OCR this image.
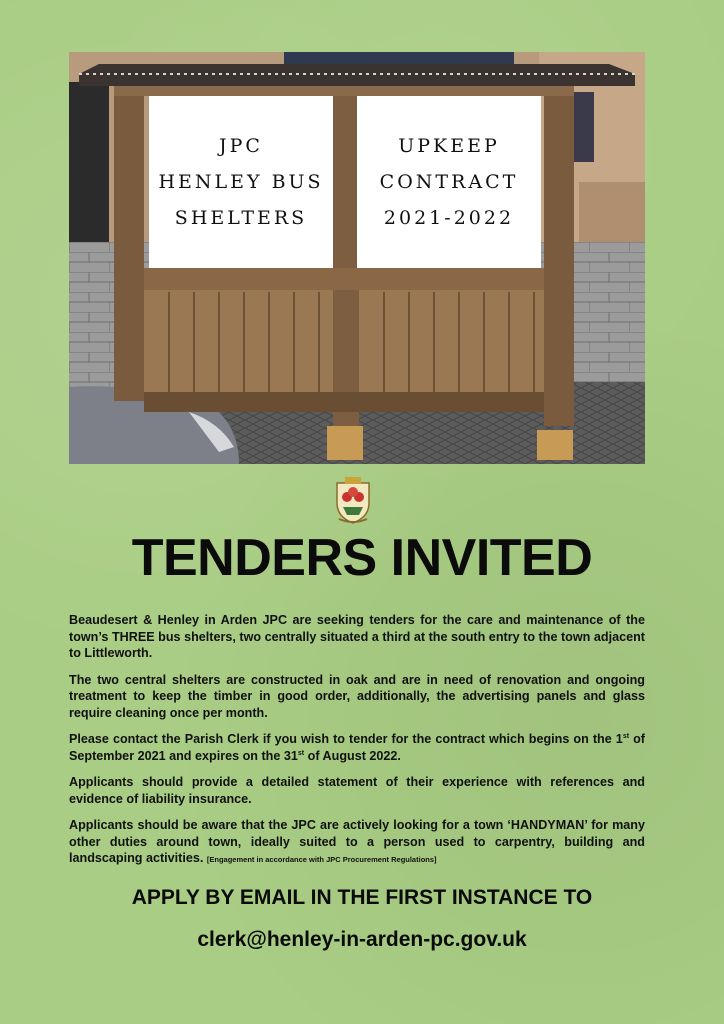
JPC
HENLEY BUS
SHELTERS
UPKEEP
CONTRACT
2021-2022
TENDERS INVITED

Beaudesert & Henley in Arden JPC are seeking tenders for the care and maintenance of the town’s THREE bus shelters, two centrally situated a third at the south entry to the town adjacent to Littleworth.

The two central shelters are constructed in oak and are in need of renovation and ongoing treatment to keep the timber in good order, additionally, the advertising panels and glass require cleaning once per month.

Please contact the Parish Clerk if you wish to tender for the contract which begins on the 1st of September 2021 and expires on the 31st of August 2022.

Applicants should provide a detailed statement of their experience with references and evidence of liability insurance.

Applicants should be aware that the JPC are actively looking for a town ‘HANDYMAN’ for many other duties around town, ideally suited to a person used to carpentry, building and landscaping activities. [Engagement in accordance with JPC Procurement Regulations]

APPLY BY EMAIL IN THE FIRST INSTANCE TO
clerk@henley-in-arden-pc.gov.uk
